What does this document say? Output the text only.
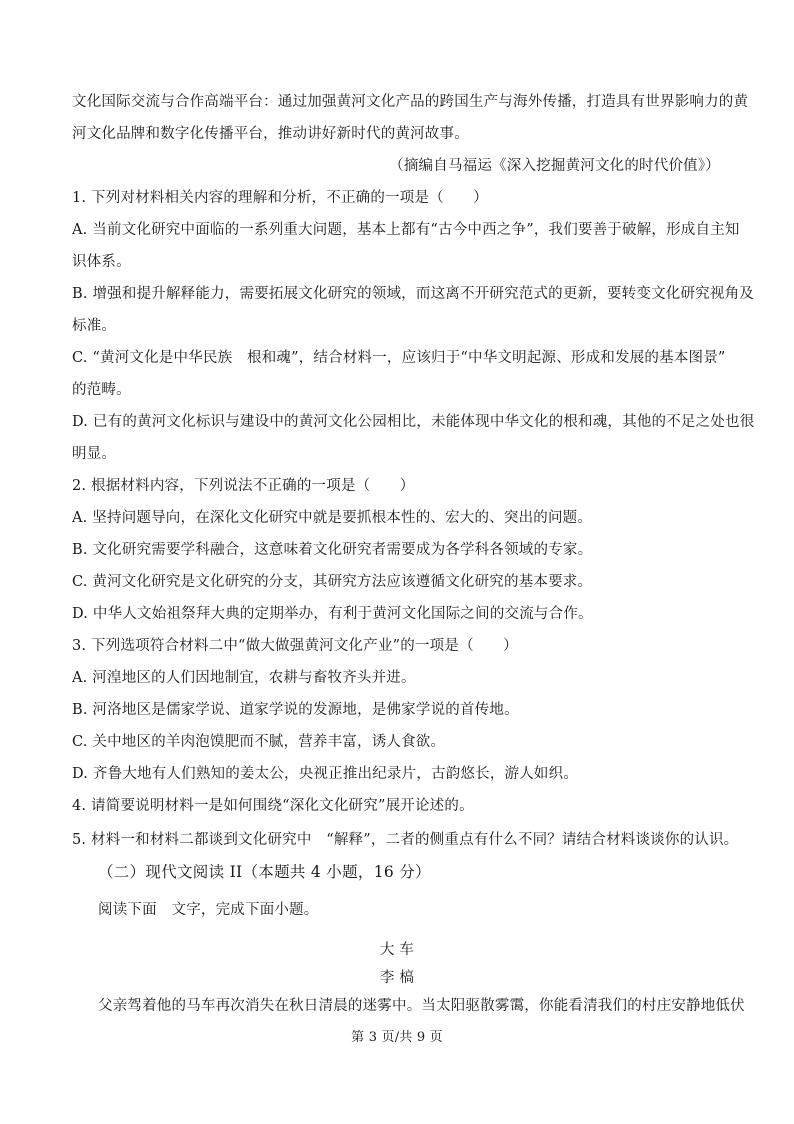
文化国际交流与合作高端平台：通过加强黄河文化产品的跨国生产与海外传播，打造具有世界影响力的黄
河文化品牌和数字化传播平台，推动讲好新时代的黄河故事。
（摘编自马福运《深入挖掘黄河文化的时代价值》）
1. 下列对材料相关内容的理解和分析，不正确的一项是（　　）
A. 当前文化研究中面临的一系列重大问题，基本上都有“古今中西之争”，我们要善于破解，形成自主知
识体系。
B. 增强和提升解释能力，需要拓展文化研究的领域，而这离不开研究范式的更新，要转变文化研究视角及
标准。
C. “黄河文化是中华民族　根和魂”，结合材料一，应该归于“中华文明起源、形成和发展的基本图景”
的范畴。
D. 已有的黄河文化标识与建设中的黄河文化公园相比，未能体现中华文化的根和魂，其他的不足之处也很
明显。
2. 根据材料内容，下列说法不正确的一项是（　　）
A. 坚持问题导向，在深化文化研究中就是要抓根本性的、宏大的、突出的问题。
B. 文化研究需要学科融合，这意味着文化研究者需要成为各学科各领域的专家。
C. 黄河文化研究是文化研究的分支，其研究方法应该遵循文化研究的基本要求。
D. 中华人文始祖祭拜大典的定期举办，有利于黄河文化国际之间的交流与合作。
3. 下列选项符合材料二中“做大做强黄河文化产业”的一项是（　　）
A. 河湟地区的人们因地制宜，农耕与畜牧齐头并进。
B. 河洛地区是儒家学说、道家学说的发源地，是佛家学说的首传地。
C. 关中地区的羊肉泡馍肥而不腻，营养丰富，诱人食欲。
D. 齐鲁大地有人们熟知的姜太公，央视正推出纪录片，古韵悠长，游人如织。
4. 请简要说明材料一是如何围绕“深化文化研究”展开论述的。
5. 材料一和材料二都谈到文化研究中　“解释”，二者的侧重点有什么不同？请结合材料谈谈你的认识。
（二）现代文阅读 II（本题共 4 小题，16 分）
阅读下面　文字，完成下面小题。
大 车
李 槁
父亲驾着他的马车再次消失在秋日清晨的迷雾中。当太阳驱散雾霭，你能看清我们的村庄安静地低伏
第 3 页/共 9 页
